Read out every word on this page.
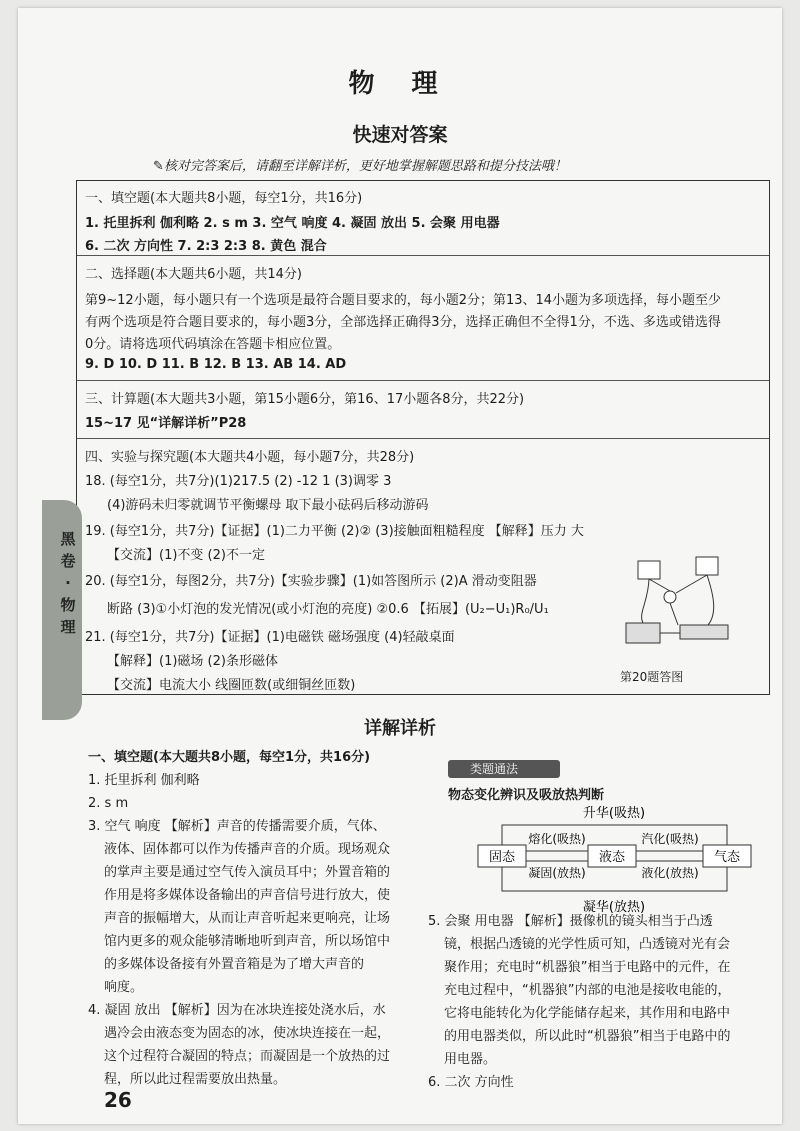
物 理
快速对答案
✎核对完答案后，请翻至详解详析，更好地掌握解题思路和提分技法哦！
一、填空题(本大题共8小题，每空1分，共16分)
1. 托里拆利 伽利略 2. s m 3. 空气 响度 4. 凝固 放出 5. 会聚 用电器
6. 二次 方向性 7. 2:3 2:3 8. 黄色 混合
二、选择题(本大题共6小题，共14分)
第9~12小题，每小题只有一个选项是最符合题目要求的，每小题2分；第13、14小题为多项选择，每小题至少
有两个选项是符合题目要求的，每小题3分，全部选择正确得3分，选择正确但不全得1分，不选、多选或错选得
0分。请将选项代码填涂在答题卡相应位置。
9. D 10. D 11. B 12. B 13. AB 14. AD
三、计算题(本大题共3小题，第15小题6分，第16、17小题各8分，共22分)
15~17 见“详解详析”P28
四、实验与探究题(本大题共4小题，每小题7分，共28分)
18. (每空1分，共7分)(1)217.5 (2) -12 1 (3)调零 3
(4)游码未归零就调节平衡螺母 取下最小砝码后移动游码
19. (每空1分，共7分)【证据】(1)二力平衡 (2)② (3)接触面粗糙程度 【解释】压力 大
【交流】(1)不变 (2)不一定
20. (每空1分，每图2分，共7分)【实验步骤】(1)如答图所示 (2)A 滑动变阻器
断路 (3)①小灯泡的发光情况(或小灯泡的亮度) ②0.6 【拓展】(U₂−U₁)R₀/U₁
21. (每空1分，共7分)【证据】(1)电磁铁 磁场强度 (4)轻敲桌面
【解释】(1)磁场 (2)条形磁体
【交流】电流大小 线圈匝数(或细铜丝匝数)
第20题答图
黑卷·物理
详解详析
一、填空题(本大题共8小题，每空1分，共16分)
1. 托里拆利 伽利略
2. s m
3. 空气 响度 【解析】声音的传播需要介质，气体、
液体、固体都可以作为传播声音的介质。现场观众
的掌声主要是通过空气传入演员耳中；外置音箱的
作用是将多媒体设备输出的声音信号进行放大，使
声音的振幅增大，从而让声音听起来更响亮，让场
馆内更多的观众能够清晰地听到声音，所以场馆中
的多媒体设备接有外置音箱是为了增大声音的
响度。
4. 凝固 放出 【解析】因为在冰块连接处浇水后，水
遇冷会由液态变为固态的冰，使冰块连接在一起，
这个过程符合凝固的特点；而凝固是一个放热的过
程，所以此过程需要放出热量。
类题通法
物态变化辨识及吸放热判断
固态	液态	气态
升华(吸热)
熔化(吸热)
凝固(放热)
汽化(吸热)
液化(放热)
凝华(放热)
5. 会聚 用电器 【解析】摄像机的镜头相当于凸透
镜，根据凸透镜的光学性质可知，凸透镜对光有会
聚作用；充电时“机器狼”相当于电路中的元件，在
充电过程中，“机器狼”内部的电池是接收电能的，
它将电能转化为化学能储存起来，其作用和电路中
的用电器类似，所以此时“机器狼”相当于电路中的
用电器。
6. 二次 方向性
26
